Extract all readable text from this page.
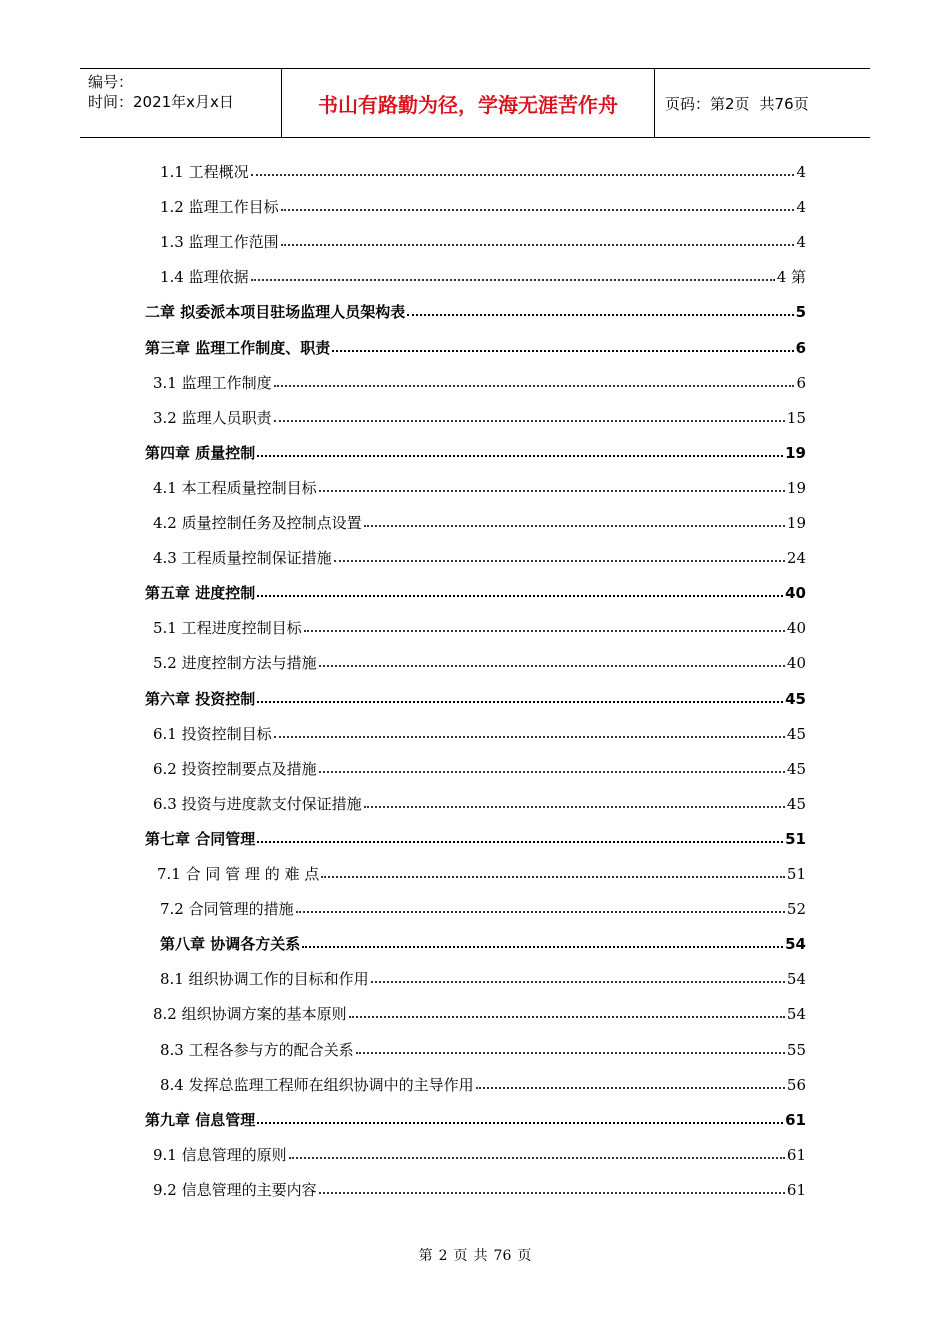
编号：
时间：2021年x月x日	书山有路勤为径，学海无涯苦作舟	页码：第2页 共76页
1.1 工程概况	4
1.2 监理工作目标	4
1.3 监理工作范围	4
1.4 监理依据	4 第
二章 拟委派本项目驻场监理人员架构表	5
第三章 监理工作制度、职责	6
3.1 监理工作制度	6
3.2 监理人员职责	15
第四章 质量控制	19
4.1 本工程质量控制目标	19
4.2 质量控制任务及控制点设置	19
4.3 工程质量控制保证措施	24
第五章 进度控制	40
5.1 工程进度控制目标	40
5.2 进度控制方法与措施	40
第六章 投资控制	45
6.1 投资控制目标	45
6.2 投资控制要点及措施	45
6.3 投资与进度款支付保证措施	45
第七章 合同管理	51
7.1 合 同 管 理 的 难 点	51
7.2 合同管理的措施	52
第八章 协调各方关系	54
8.1 组织协调工作的目标和作用	54
8.2 组织协调方案的基本原则	54
8.3 工程各参与方的配合关系	55
8.4 发挥总监理工程师在组织协调中的主导作用	56
第九章 信息管理	61
9.1 信息管理的原则	61
9.2 信息管理的主要内容	61
第 2 页 共 76 页
